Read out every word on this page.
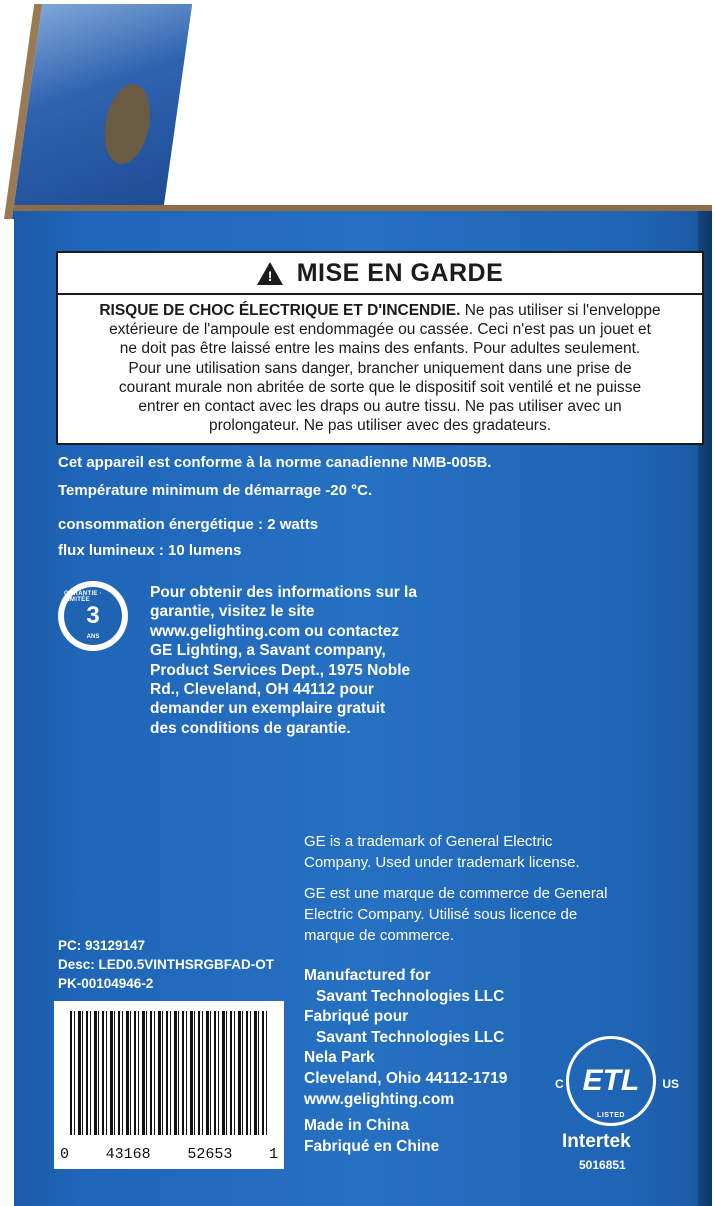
! MISE EN GARDE
RISQUE DE CHOC ÉLECTRIQUE ET D'INCENDIE. Ne pas utiliser si l'enveloppe
extérieure de l'ampoule est endommagée ou cassée. Ceci n'est pas un jouet et
ne doit pas être laissé entre les mains des enfants. Pour adultes seulement.
Pour une utilisation sans danger, brancher uniquement dans une prise de
courant murale non abritée de sorte que le dispositif soit ventilé et ne puisse
entrer en contact avec les draps ou autre tissu. Ne pas utiliser avec un
prolongateur. Ne pas utiliser avec des gradateurs.
Cet appareil est conforme à la norme canadienne NMB-005B.
Température minimum de démarrage -20 °C.
consommation énergétique : 2 watts
flux lumineux : 10 lumens
GARANTIE · LIMITÉE
3
ANS
Pour obtenir des informations sur la
garantie, visitez le site
www.gelighting.com ou contactez
GE Lighting, a Savant company,
Product Services Dept., 1975 Noble
Rd., Cleveland, OH 44112 pour
demander un exemplaire gratuit
des conditions de garantie.
GE is a trademark of General Electric
Company. Used under trademark license.
GE est une marque de commerce de General
Electric Company. Utilisé sous licence de
marque de commerce.
PC: 93129147
Desc: LED0.5VINTHSRGBFAD-OT
PK-00104946-2
0 43168 52653 1
Manufactured for
Savant Technologies LLC
Fabriqué pour
Savant Technologies LLC
Nela Park
Cleveland, Ohio 44112-1719
www.gelighting.com
Made in China
Fabriqué en Chine
C ETL US
LISTED
Intertek
5016851
